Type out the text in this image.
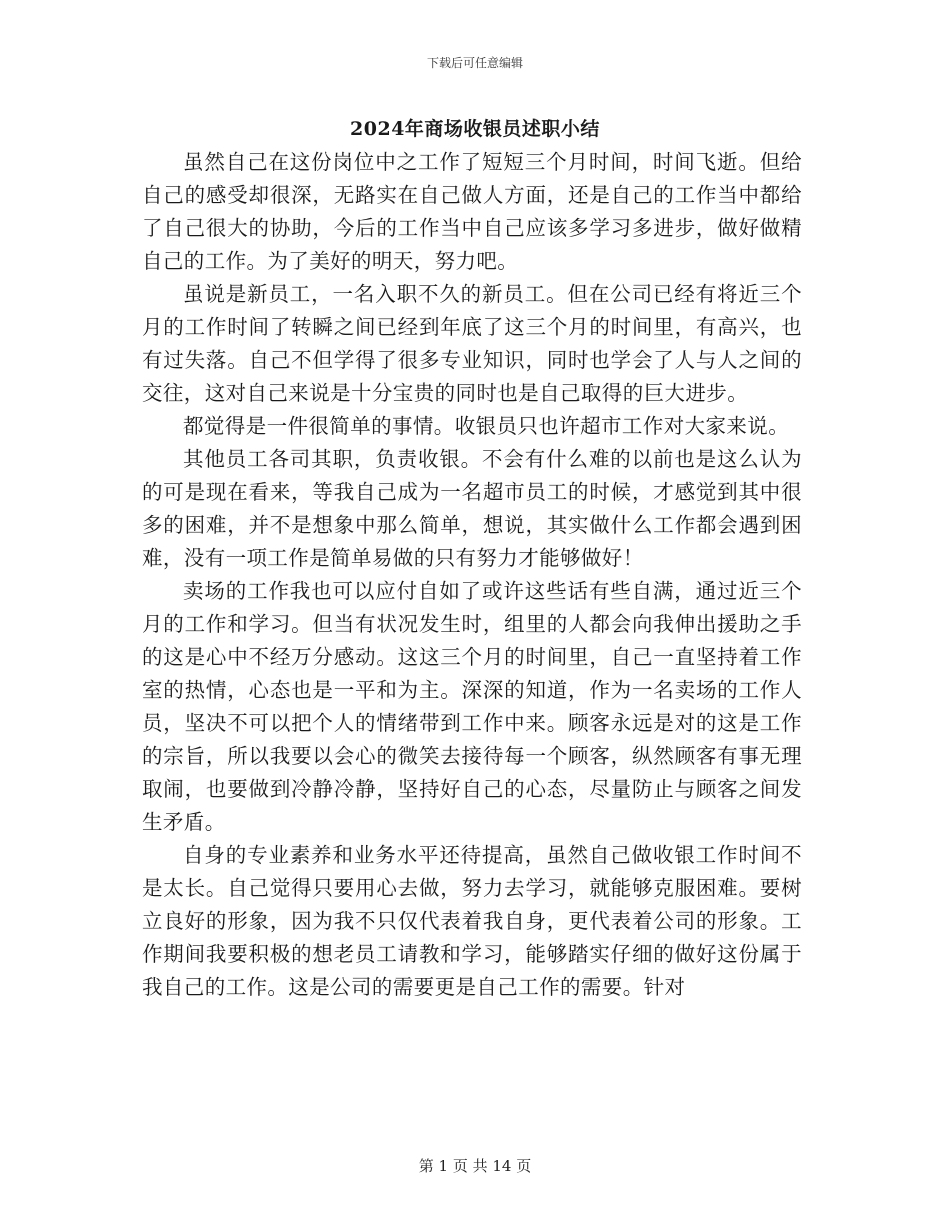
下载后可任意编辑
2024年商场收银员述职小结

虽然自己在这份岗位中之工作了短短三个月时间，时间飞逝。但给自己的感受却很深，无路实在自己做人方面，还是自己的工作当中都给了自己很大的协助，今后的工作当中自己应该多学习多进步，做好做精自己的工作。为了美好的明天，努力吧。

虽说是新员工，一名入职不久的新员工。但在公司已经有将近三个月的工作时间了转瞬之间已经到年底了这三个月的时间里，有高兴，也有过失落。自己不但学得了很多专业知识，同时也学会了人与人之间的交往，这对自己来说是十分宝贵的同时也是自己取得的巨大进步。

都觉得是一件很简单的事情。收银员只也许超市工作对大家来说。

其他员工各司其职，负责收银。不会有什么难的以前也是这么认为的可是现在看来，等我自己成为一名超市员工的时候，才感觉到其中很多的困难，并不是想象中那么简单，想说，其实做什么工作都会遇到困难，没有一项工作是简单易做的只有努力才能够做好！

卖场的工作我也可以应付自如了或许这些话有些自满，通过近三个月的工作和学习。但当有状况发生时，组里的人都会向我伸出援助之手的这是心中不经万分感动。这这三个月的时间里，自己一直坚持着工作室的热情，心态也是一平和为主。深深的知道，作为一名卖场的工作人员，坚决不可以把个人的情绪带到工作中来。顾客永远是对的这是工作的宗旨，所以我要以会心的微笑去接待每一个顾客，纵然顾客有事无理取闹，也要做到冷静冷静，坚持好自己的心态，尽量防止与顾客之间发生矛盾。

自身的专业素养和业务水平还待提高，虽然自己做收银工作时间不是太长。自己觉得只要用心去做，努力去学习，就能够克服困难。要树立良好的形象，因为我不只仅代表着我自身，更代表着公司的形象。工作期间我要积极的想老员工请教和学习，能够踏实仔细的做好这份属于我自己的工作。这是公司的需要更是自己工作的需要。针对

第 1 页 共 14 页
